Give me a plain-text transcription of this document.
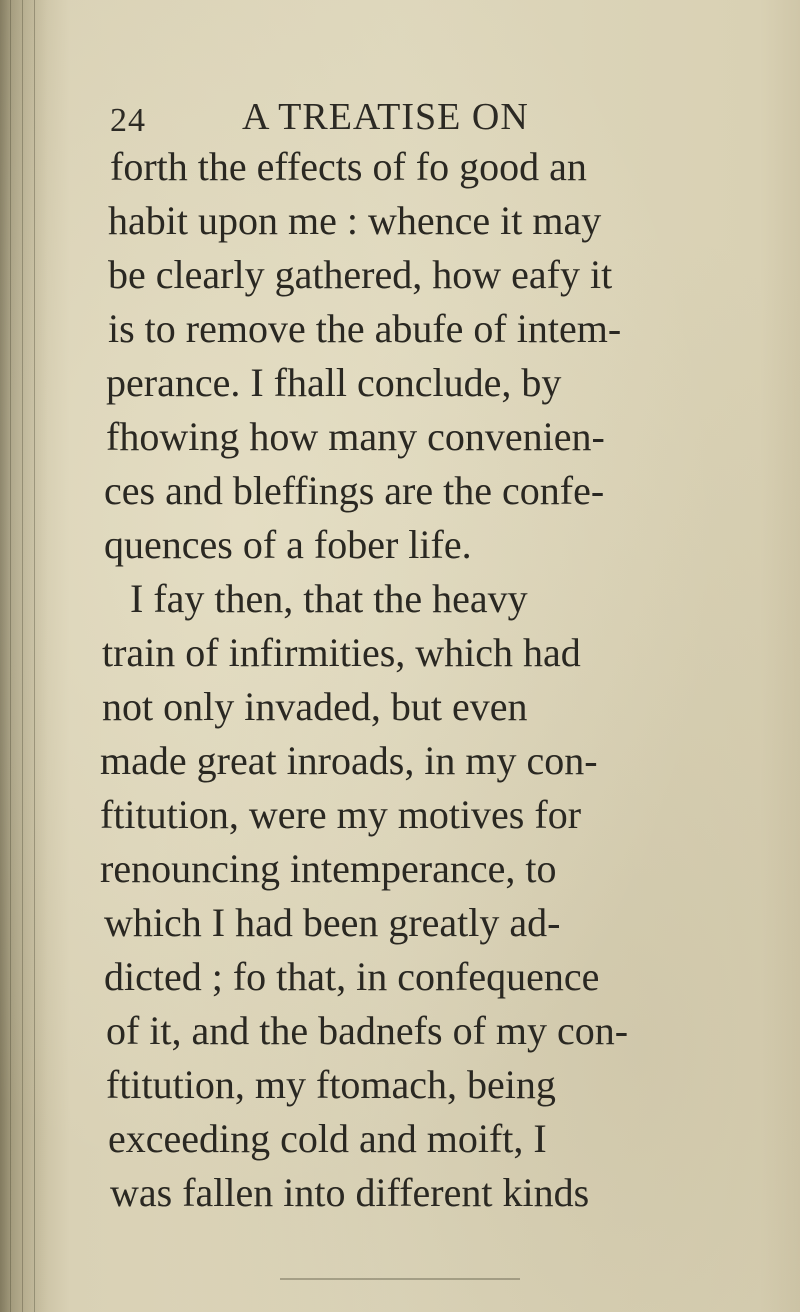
24	A TREATISE ON
forth the effects of fo good an
habit upon me : whence it may
be clearly gathered, how eafy it
is to remove the abufe of intem-
perance. I fhall conclude, by
fhowing how many convenien-
ces and bleffings are the confe-
quences of a fober life.
I fay then, that the heavy
train of infirmities, which had
not only invaded, but even
made great inroads, in my con-
ftitution, were my motives for
renouncing intemperance, to
which I had been greatly ad-
dicted ; fo that, in confequence
of it, and the badnefs of my con-
ftitution, my ftomach, being
exceeding cold and moift, I
was fallen into different kinds
